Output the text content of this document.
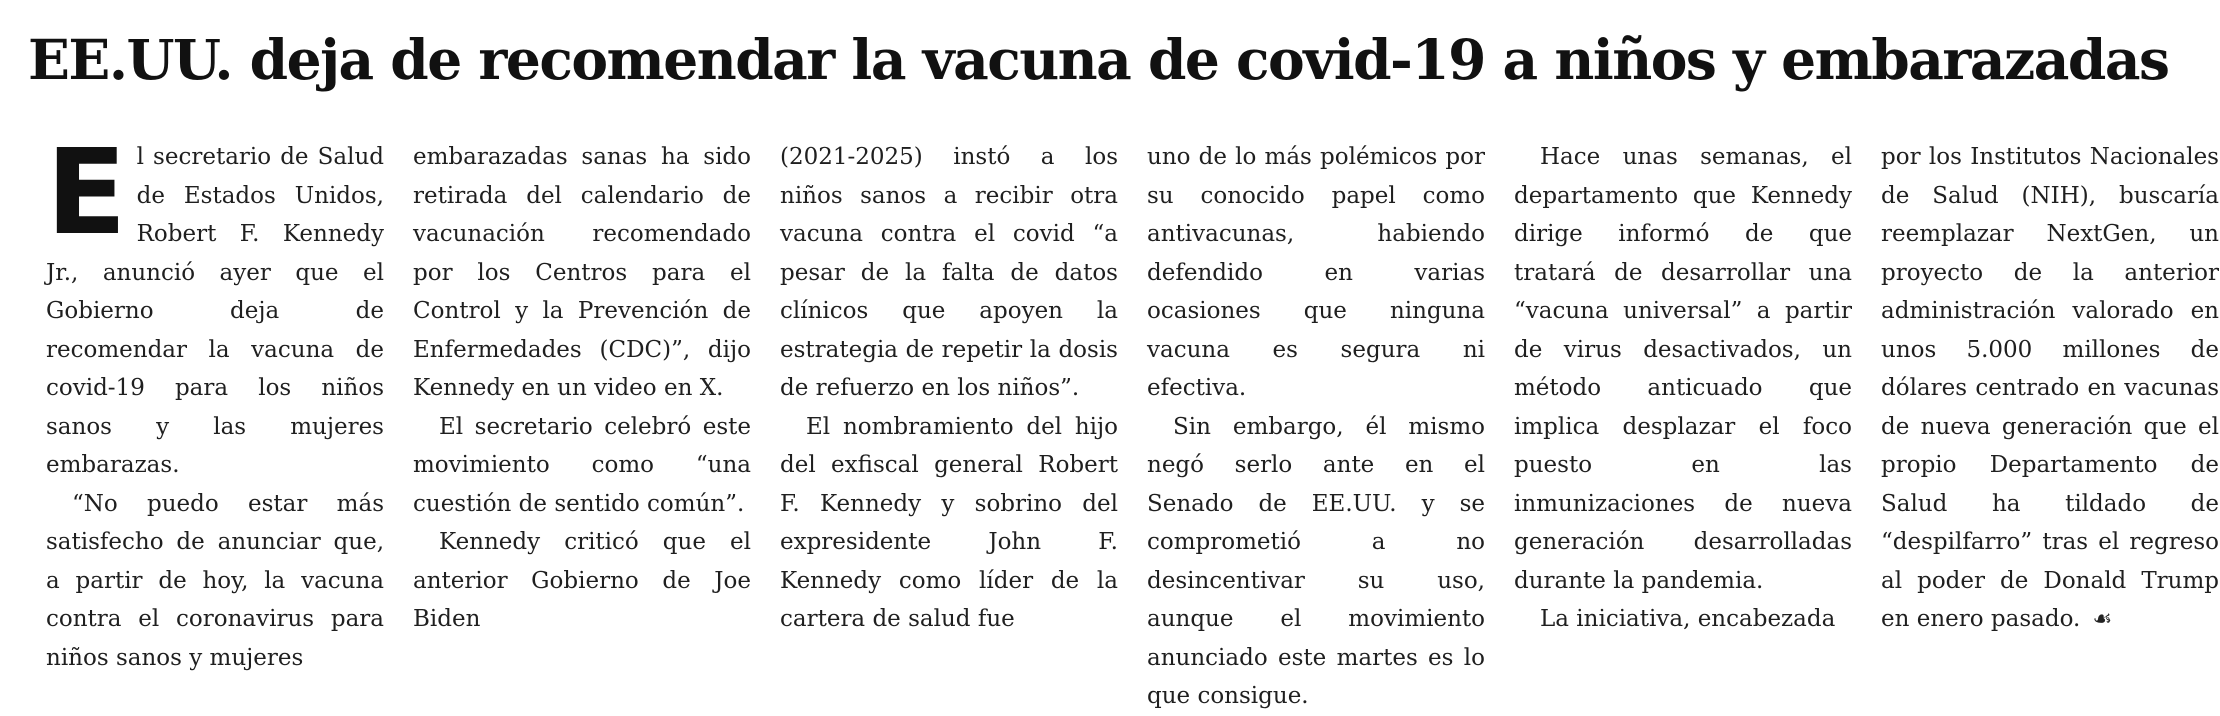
EE.UU. deja de recomendar la vacuna de covid-19 a niños y embarazadas

El secretario de Salud de Estados Unidos, Robert F. Kennedy Jr., anunció ayer que el Gobierno deja de recomendar la vacuna de covid-19 para los niños sanos y las mujeres embarazas.

“No puedo estar más satisfecho de anunciar que, a partir de hoy, la vacuna contra el coronavirus para niños sanos y mujeres

embarazadas sanas ha sido retirada del calendario de vacunación recomendado por los Centros para el Control y la Prevención de Enfermedades (CDC)”, dijo Kennedy en un video en X.

El secretario celebró este movimiento como “una cuestión de sentido común”.

Kennedy criticó que el anterior Gobierno de Joe Biden

(2021-2025) instó a los niños sanos a recibir otra vacuna contra el covid “a pesar de la falta de datos clínicos que apoyen la estrategia de repetir la dosis de refuerzo en los niños”.

El nombramiento del hijo del exfiscal general Robert F. Kennedy y sobrino del expresidente John F. Kennedy como líder de la cartera de salud fue

uno de lo más polémicos por su conocido papel como antivacunas, habiendo defendido en varias ocasiones que ninguna vacuna es segura ni efectiva.

Sin embargo, él mismo negó serlo ante en el Senado de EE.UU. y se comprometió a no desincentivar su uso, aunque el movimiento anunciado este martes es lo que consigue.

Hace unas semanas, el departamento que Kennedy dirige informó de que tratará de desarrollar una “vacuna universal” a partir de virus desactivados, un método anticuado que implica desplazar el foco puesto en las inmunizaciones de nueva generación desarrolladas durante la pandemia.

La iniciativa, encabezada

por los Institutos Nacionales de Salud (NIH), buscaría reemplazar NextGen, un proyecto de la anterior administración valorado en unos 5.000 millones de dólares centrado en vacunas de nueva generación que el propio Departamento de Salud ha tildado de “despilfarro” tras el regreso al poder de Donald Trump en enero pasado. ☙
